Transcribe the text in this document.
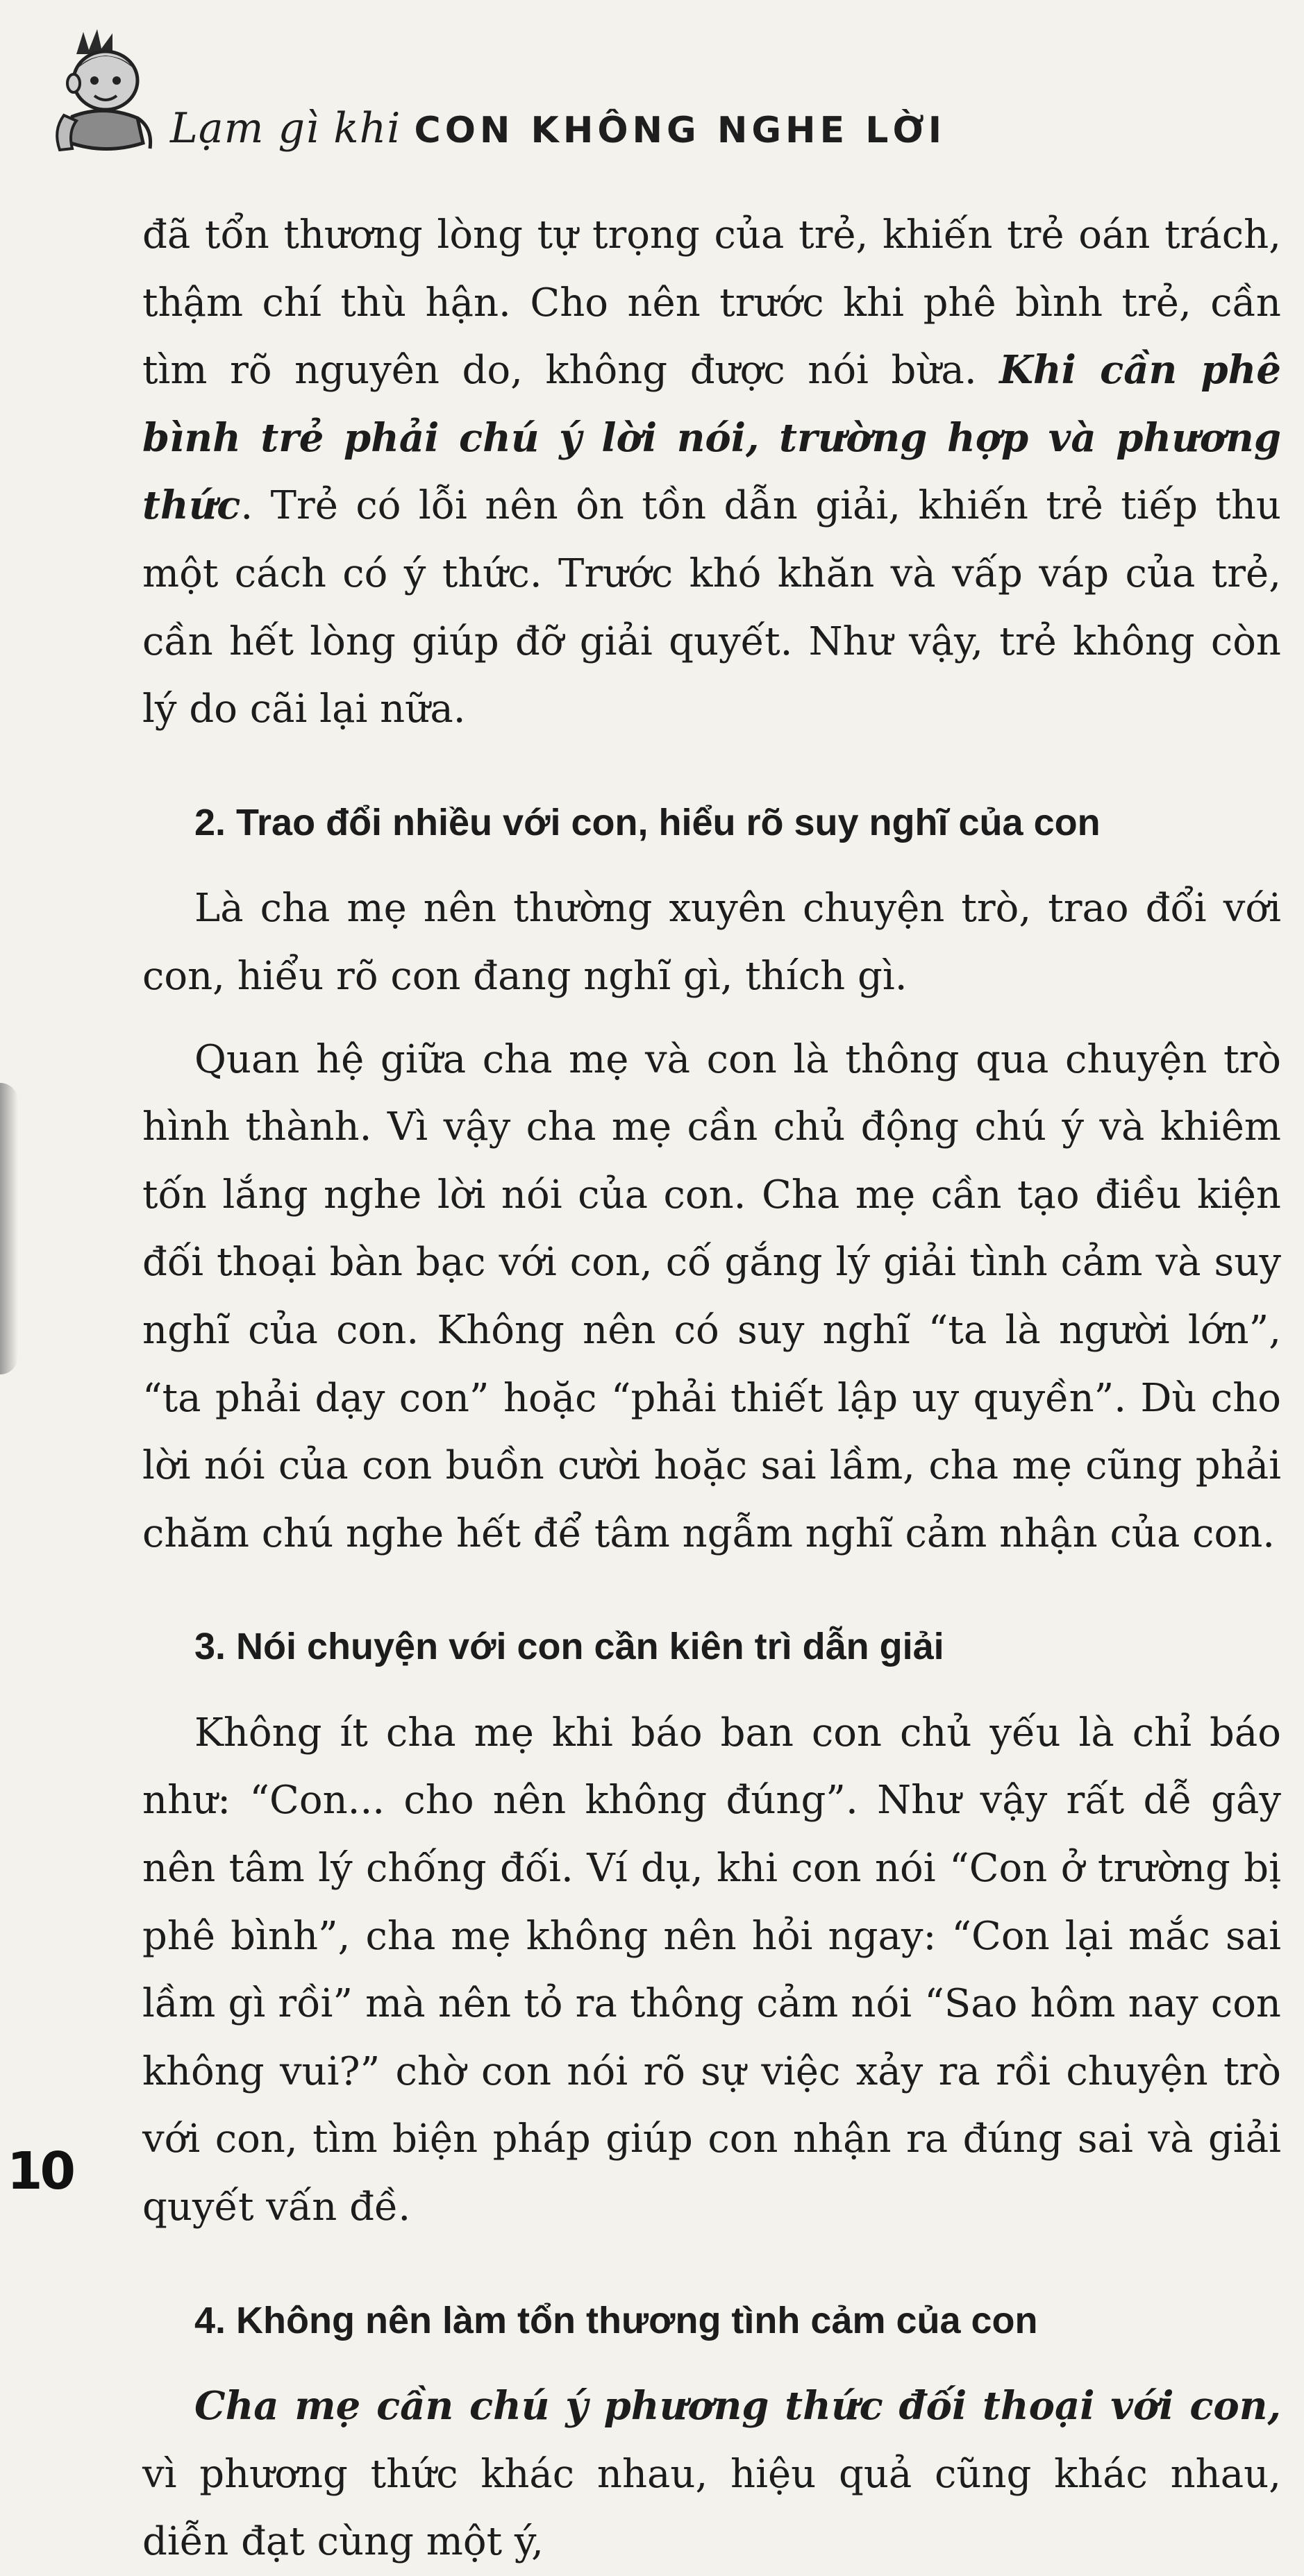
Lạm gì khi CON KHÔNG NGHE LỜI

đã tổn thương lòng tự trọng của trẻ, khiến trẻ oán trách, thậm chí thù hận. Cho nên trước khi phê bình trẻ, cần tìm rõ nguyên do, không được nói bừa. Khi cần phê bình trẻ phải chú ý lời nói, trường hợp và phương thức. Trẻ có lỗi nên ôn tồn dẫn giải, khiến trẻ tiếp thu một cách có ý thức. Trước khó khăn và vấp váp của trẻ, cần hết lòng giúp đỡ giải quyết. Như vậy, trẻ không còn lý do cãi lại nữa.

2. Trao đổi nhiều với con, hiểu rõ suy nghĩ của con

Là cha mẹ nên thường xuyên chuyện trò, trao đổi với con, hiểu rõ con đang nghĩ gì, thích gì.

Quan hệ giữa cha mẹ và con là thông qua chuyện trò hình thành. Vì vậy cha mẹ cần chủ động chú ý và khiêm tốn lắng nghe lời nói của con. Cha mẹ cần tạo điều kiện đối thoại bàn bạc với con, cố gắng lý giải tình cảm và suy nghĩ của con. Không nên có suy nghĩ “ta là người lớn”, “ta phải dạy con” hoặc “phải thiết lập uy quyền”. Dù cho lời nói của con buồn cười hoặc sai lầm, cha mẹ cũng phải chăm chú nghe hết để tâm ngẫm nghĩ cảm nhận của con.

3. Nói chuyện với con cần kiên trì dẫn giải

Không ít cha mẹ khi báo ban con chủ yếu là chỉ báo như: “Con... cho nên không đúng”. Như vậy rất dễ gây nên tâm lý chống đối. Ví dụ, khi con nói “Con ở trường bị phê bình”, cha mẹ không nên hỏi ngay: “Con lại mắc sai lầm gì rồi” mà nên tỏ ra thông cảm nói “Sao hôm nay con không vui?” chờ con nói rõ sự việc xảy ra rồi chuyện trò với con, tìm biện pháp giúp con nhận ra đúng sai và giải quyết vấn đề.

4. Không nên làm tổn thương tình cảm của con

Cha mẹ cần chú ý phương thức đối thoại với con, vì phương thức khác nhau, hiệu quả cũng khác nhau, diễn đạt cùng một ý,

10
